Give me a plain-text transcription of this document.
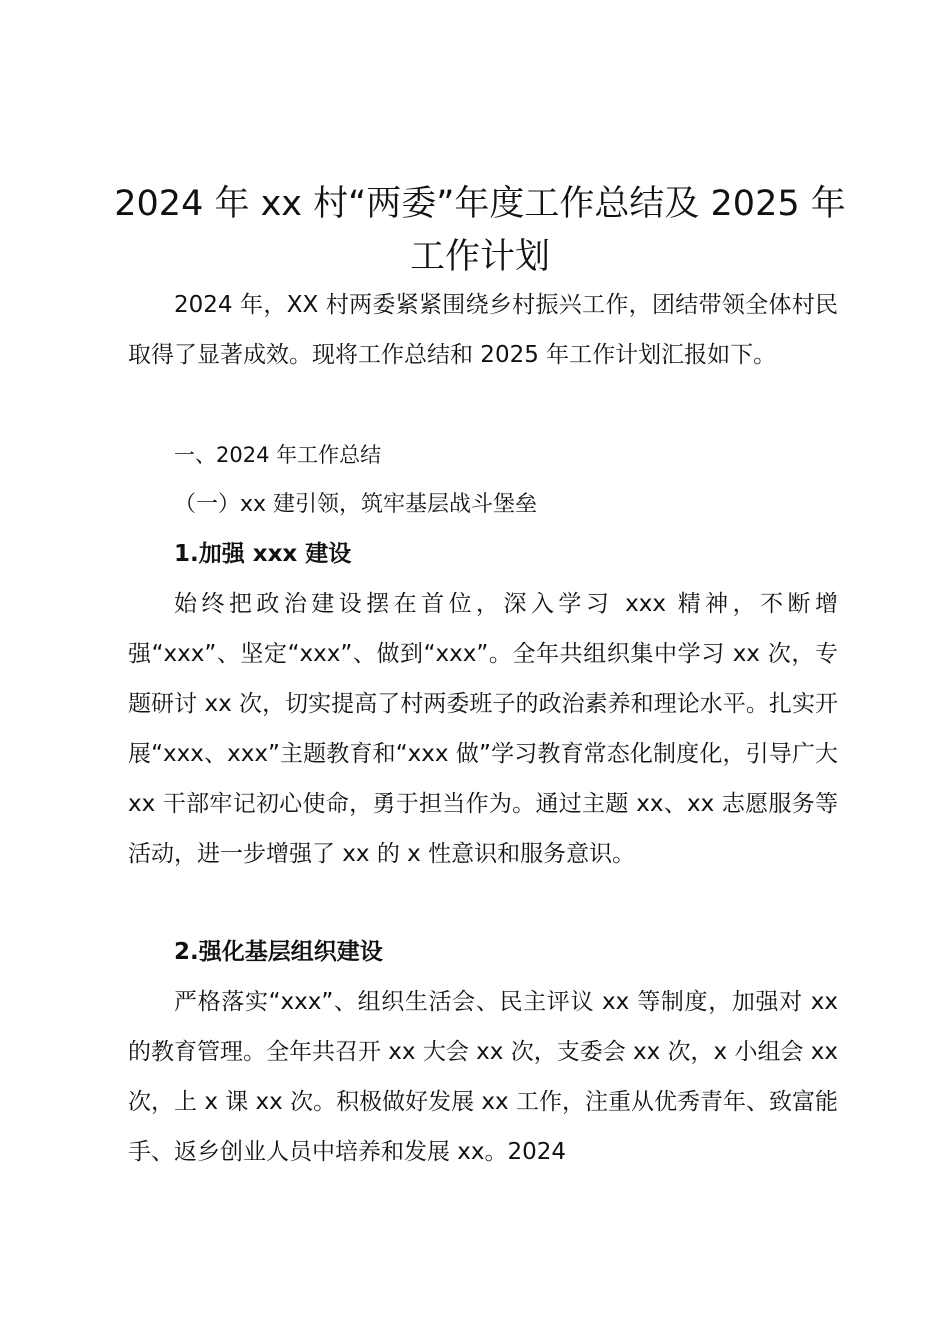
2024 年 xx 村“两委”年度工作总结及 2025 年工作计划

2024 年，XX 村两委紧紧围绕乡村振兴工作，团结带领全体村民取得了显著成效。现将工作总结和 2025 年工作计划汇报如下。

一、2024 年工作总结

（一）xx 建引领，筑牢基层战斗堡垒

1.加强 xxx 建设

始终把政治建设摆在首位，深入学习 xxx 精神，不断增强“xxx”、坚定“xxx”、做到“xxx”。全年共组织集中学习 xx 次，专题研讨 xx 次，切实提高了村两委班子的政治素养和理论水平。扎实开展“xxx、xxx”主题教育和“xxx 做”学习教育常态化制度化，引导广大 xx 干部牢记初心使命，勇于担当作为。通过主题 xx、xx 志愿服务等活动，进一步增强了 xx 的 x 性意识和服务意识。

2.强化基层组织建设

严格落实“xxx”、组织生活会、民主评议 xx 等制度，加强对 xx 的教育管理。全年共召开 xx 大会 xx 次，支委会 xx 次，x 小组会 xx 次，上 x 课 xx 次。积极做好发展 xx 工作，注重从优秀青年、致富能手、返乡创业人员中培养和发展 xx。2024
